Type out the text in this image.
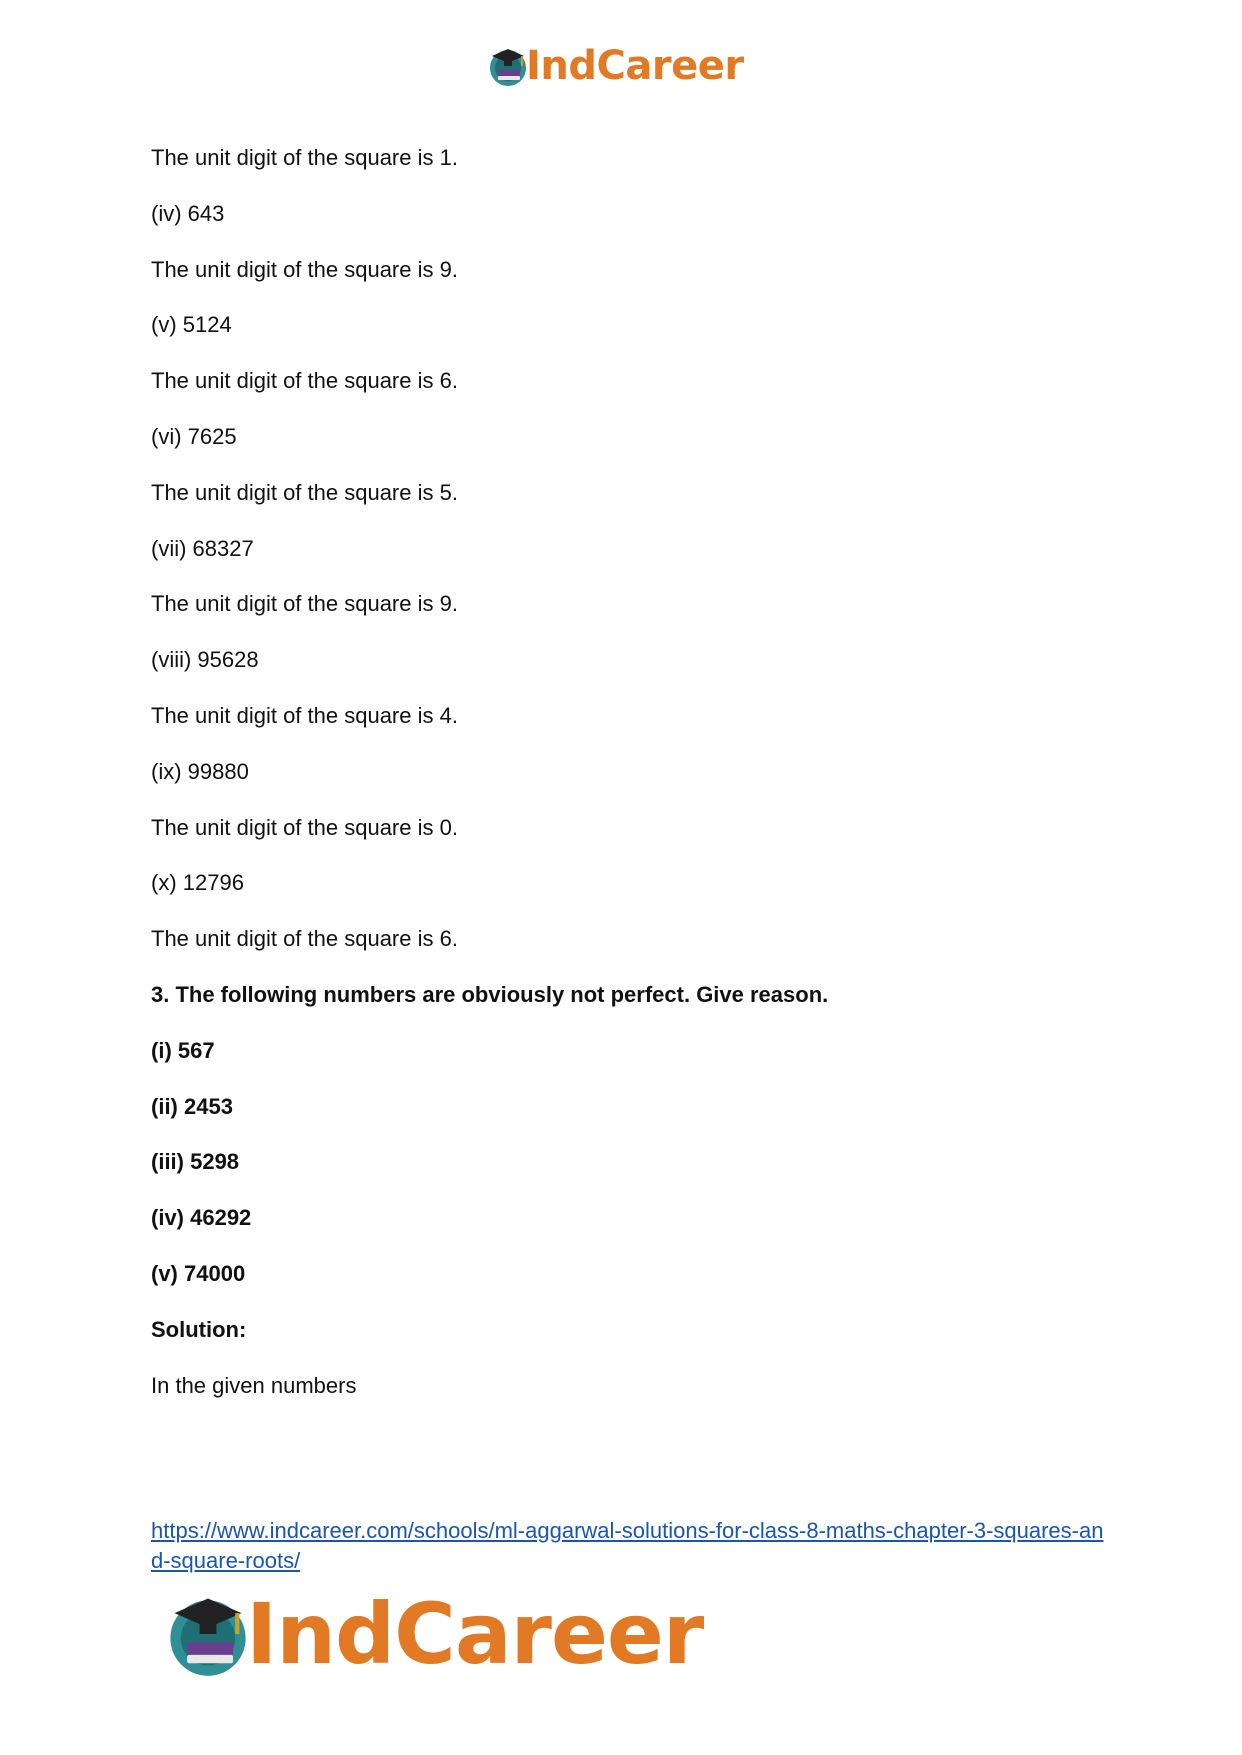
IndCareer
The unit digit of the square is 1.
(iv) 643
The unit digit of the square is 9.
(v) 5124
The unit digit of the square is 6.
(vi) 7625
The unit digit of the square is 5.
(vii) 68327
The unit digit of the square is 9.
(viii) 95628
The unit digit of the square is 4.
(ix) 99880
The unit digit of the square is 0.
(x) 12796
The unit digit of the square is 6.
3. The following numbers are obviously not perfect. Give reason.
(i) 567
(ii) 2453
(iii) 5298
(iv) 46292
(v) 74000
Solution:
In the given numbers
https://www.indcareer.com/schools/ml-aggarwal-solutions-for-class-8-maths-chapter-3-squares-and-square-roots/
IndCareer
